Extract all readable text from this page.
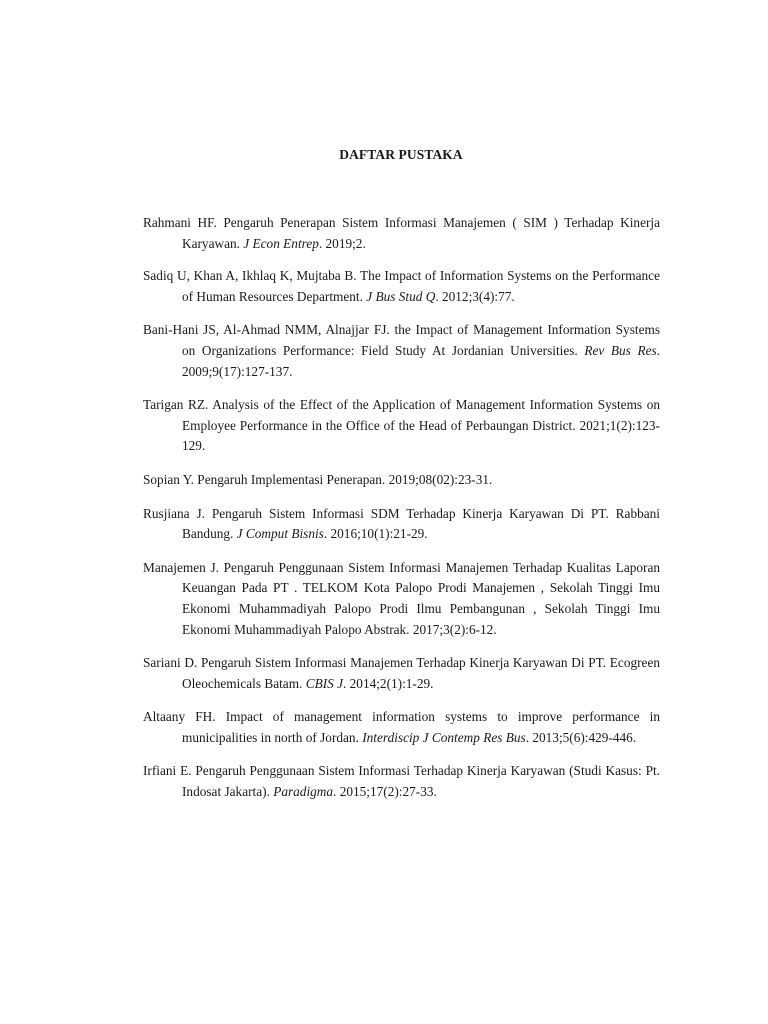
DAFTAR PUSTAKA
Rahmani HF. Pengaruh Penerapan Sistem Informasi Manajemen ( SIM ) Terhadap Kinerja Karyawan. J Econ Entrep. 2019;2.
Sadiq U, Khan A, Ikhlaq K, Mujtaba B. The Impact of Information Systems on the Performance of Human Resources Department. J Bus Stud Q. 2012;3(4):77.
Bani-Hani JS, Al-Ahmad NMM, Alnajjar FJ. the Impact of Management Information Systems on Organizations Performance: Field Study At Jordanian Universities. Rev Bus Res. 2009;9(17):127-137.
Tarigan RZ. Analysis of the Effect of the Application of Management Information Systems on Employee Performance in the Office of the Head of Perbaungan District. 2021;1(2):123-129.
Sopian Y. Pengaruh Implementasi Penerapan. 2019;08(02):23-31.
Rusjiana J. Pengaruh Sistem Informasi SDM Terhadap Kinerja Karyawan Di PT. Rabbani Bandung. J Comput Bisnis. 2016;10(1):21-29.
Manajemen J. Pengaruh Penggunaan Sistem Informasi Manajemen Terhadap Kualitas Laporan Keuangan Pada PT . TELKOM Kota Palopo Prodi Manajemen , Sekolah Tinggi Imu Ekonomi Muhammadiyah Palopo Prodi Ilmu Pembangunan , Sekolah Tinggi Imu Ekonomi Muhammadiyah Palopo Abstrak. 2017;3(2):6-12.
Sariani D. Pengaruh Sistem Informasi Manajemen Terhadap Kinerja Karyawan Di PT. Ecogreen Oleochemicals Batam. CBIS J. 2014;2(1):1-29.
Altaany FH. Impact of management information systems to improve performance in municipalities in north of Jordan. Interdiscip J Contemp Res Bus. 2013;5(6):429-446.
Irfiani E. Pengaruh Penggunaan Sistem Informasi Terhadap Kinerja Karyawan (Studi Kasus: Pt. Indosat Jakarta). Paradigma. 2015;17(2):27-33.
